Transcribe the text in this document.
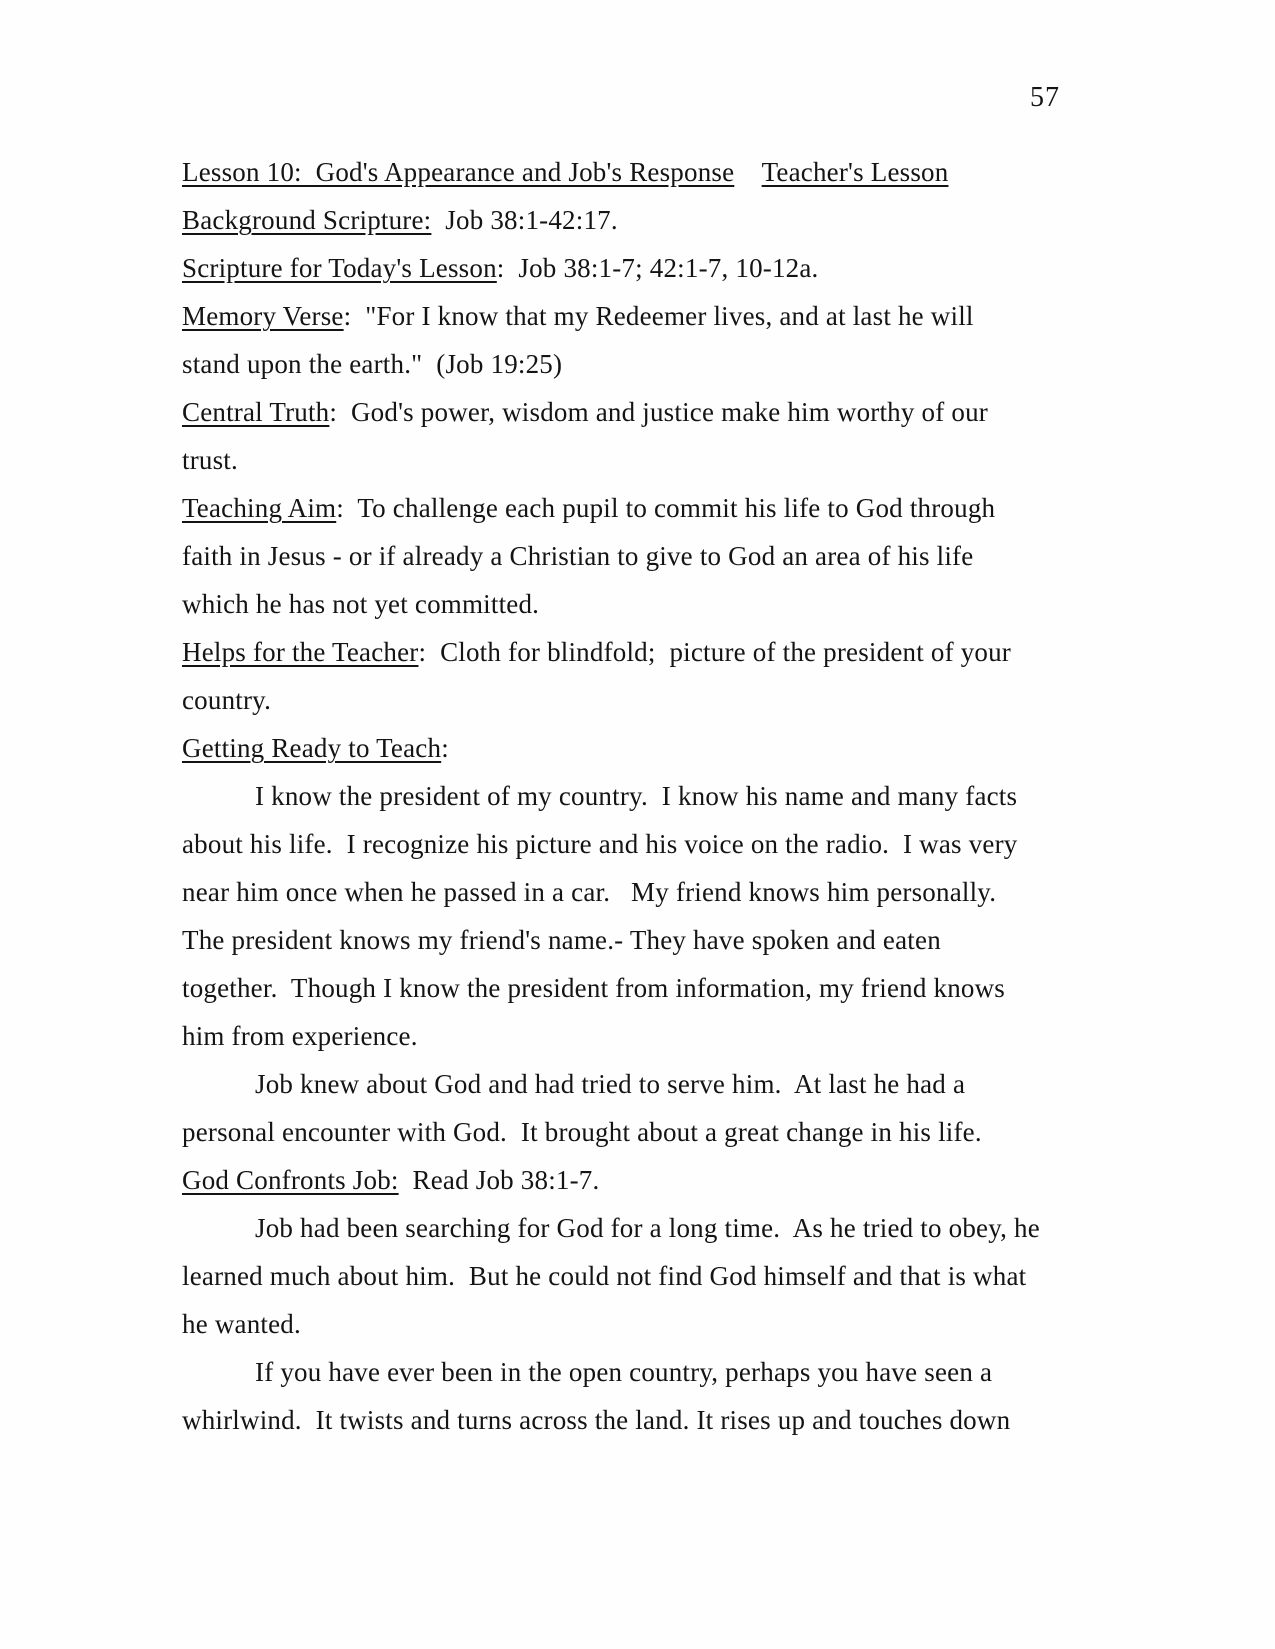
57
Lesson 10:  God's Appearance and Job's Response Teacher's Lesson
Background Scripture:  Job 38:1-42:17.
Scripture for Today's Lesson:  Job 38:1-7; 42:1-7, 10-12a.
Memory Verse:  "For I know that my Redeemer lives, and at last he will
stand upon the earth."  (Job 19:25)
Central Truth:  God's power, wisdom and justice make him worthy of our
trust.
Teaching Aim:  To challenge each pupil to commit his life to God through
faith in Jesus - or if already a Christian to give to God an area of his life
which he has not yet committed.
Helps for the Teacher:  Cloth for blindfold;  picture of the president of your
country.
Getting Ready to Teach:
I know the president of my country.  I know his name and many facts
about his life.  I recognize his picture and his voice on the radio.  I was very
near him once when he passed in a car.   My friend knows him personally.
The president knows my friend's name.- They have spoken and eaten
together.  Though I know the president from information, my friend knows
him from experience.
Job knew about God and had tried to serve him.  At last he had a
personal encounter with God.  It brought about a great change in his life.
God Confronts Job:  Read Job 38:1-7.
Job had been searching for God for a long time.  As he tried to obey, he
learned much about him.  But he could not find God himself and that is what
he wanted.
If you have ever been in the open country, perhaps you have seen a
whirlwind.  It twists and turns across the land. It rises up and touches down
